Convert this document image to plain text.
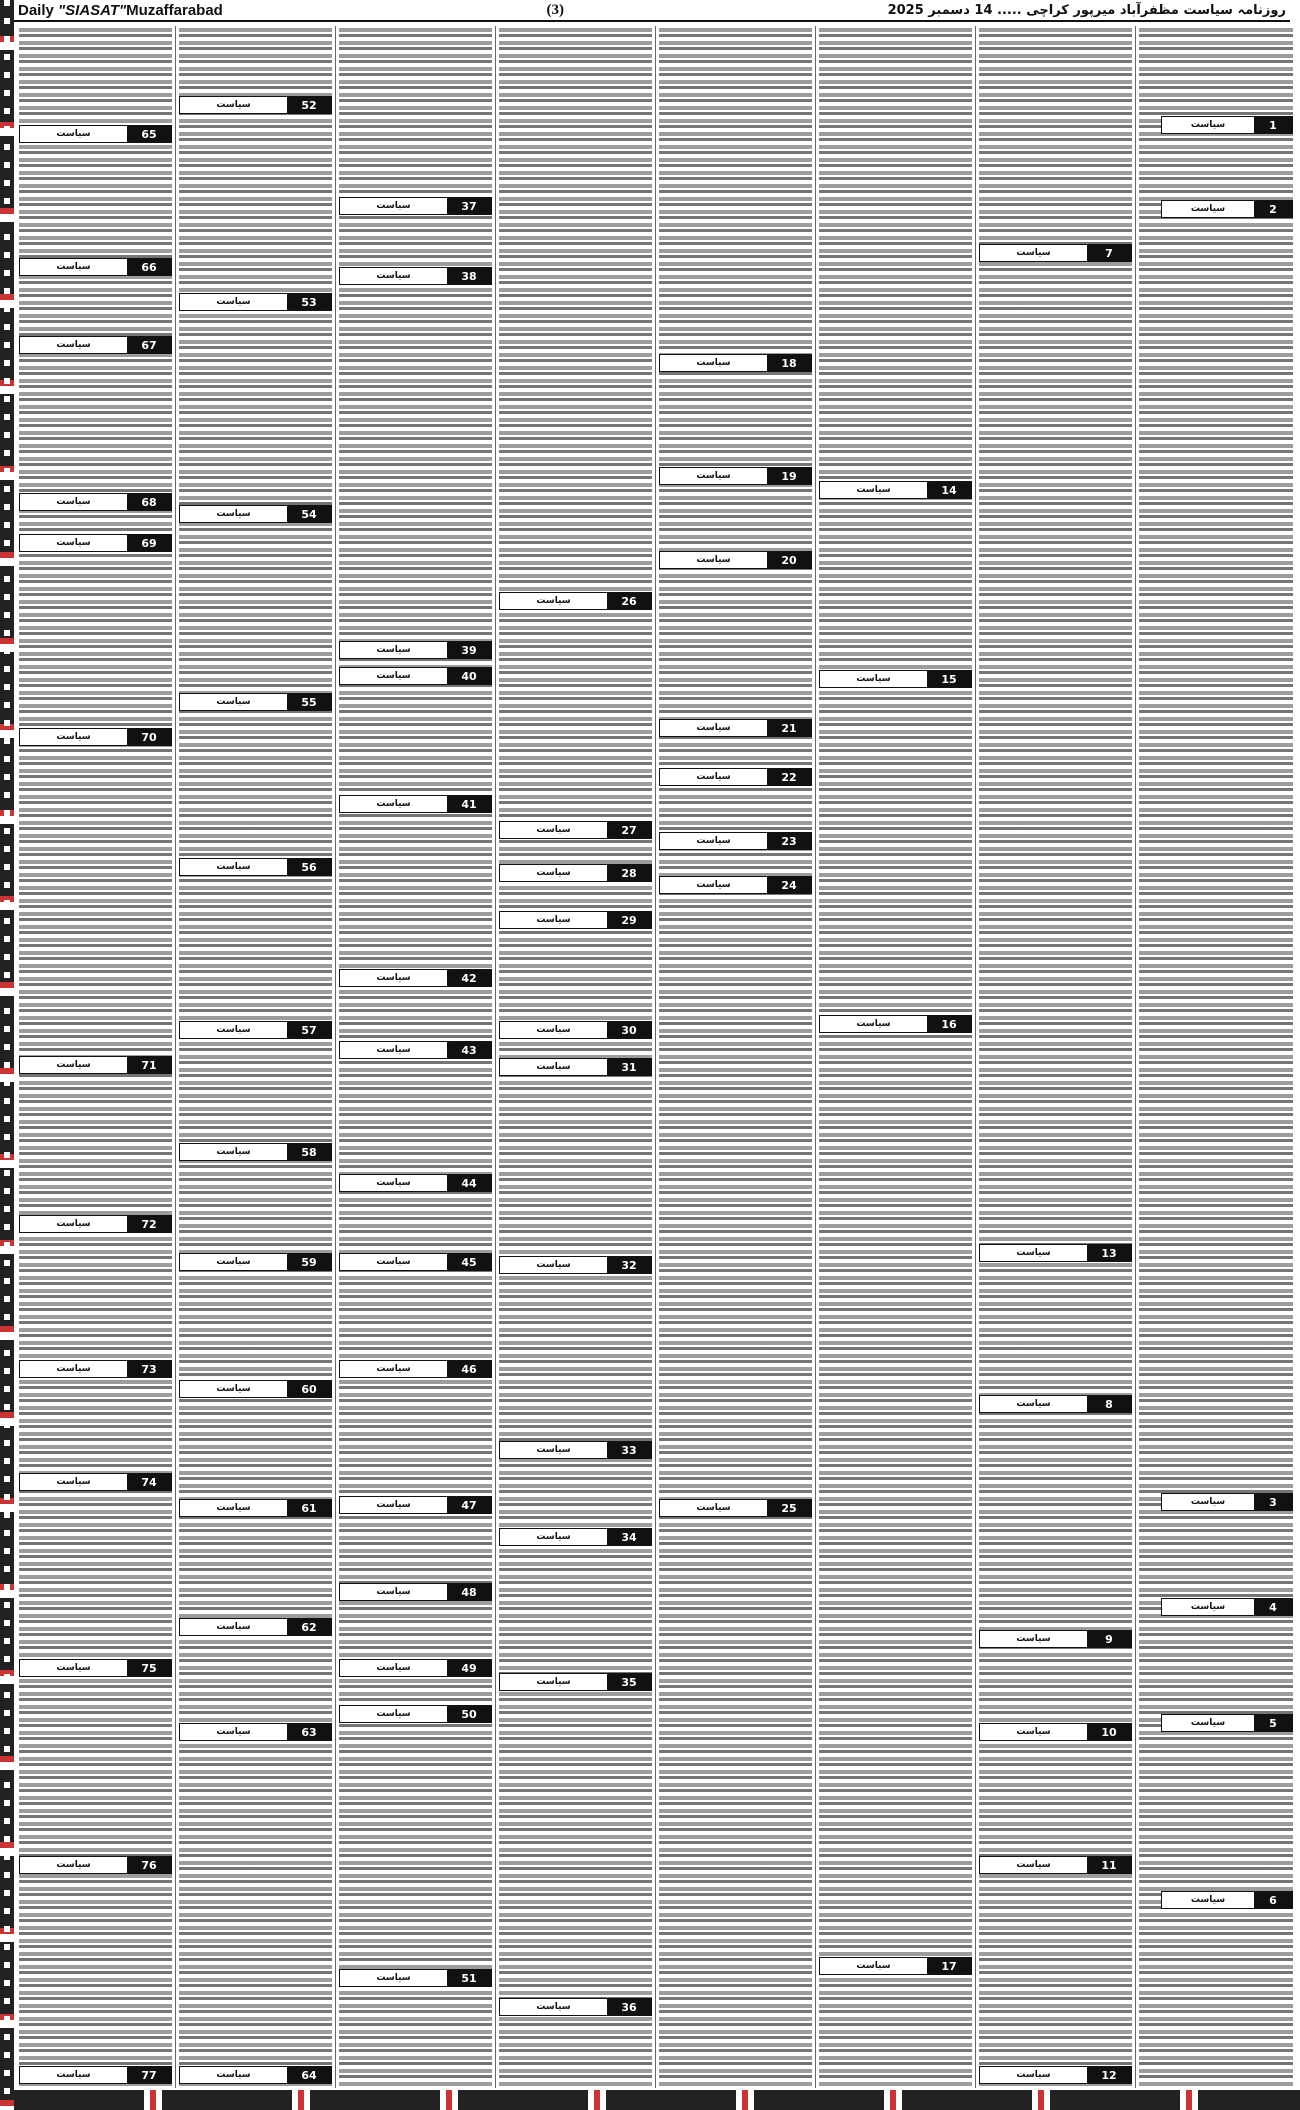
Daily "SIASAT"Muzaffarabad	(3)	روزنامہ سیاست مظفرآباد میرپور کراچی ..... 14 دسمبر 2025
سیاست	65
سیاست	66
سیاست	67
سیاست	68
سیاست	69
سیاست	70
سیاست	71
سیاست	72
سیاست	73
سیاست	74
سیاست	75
سیاست	76
سیاست	77
سیاست	52
سیاست	53
سیاست	54
سیاست	55
سیاست	56
سیاست	57
سیاست	58
سیاست	59
سیاست	60
سیاست	61
سیاست	62
سیاست	63
سیاست	64
سیاست	37
سیاست	38
سیاست	39
سیاست	40
سیاست	41
سیاست	42
سیاست	43
سیاست	44
سیاست	45
سیاست	46
سیاست	47
سیاست	48
سیاست	49
سیاست	50
سیاست	51
سیاست	26
سیاست	27
سیاست	28
سیاست	29
سیاست	30
سیاست	31
سیاست	32
سیاست	33
سیاست	34
سیاست	35
سیاست	36
سیاست	18
سیاست	19
سیاست	20
سیاست	21
سیاست	22
سیاست	23
سیاست	24
سیاست	25
سیاست	14
سیاست	15
سیاست	16
سیاست	17
سیاست	7
سیاست	8
سیاست	9
سیاست	10
سیاست	11
سیاست	12
سیاست	13
سیاست	1
سیاست	2
سیاست	3
سیاست	4
سیاست	5
سیاست	6
